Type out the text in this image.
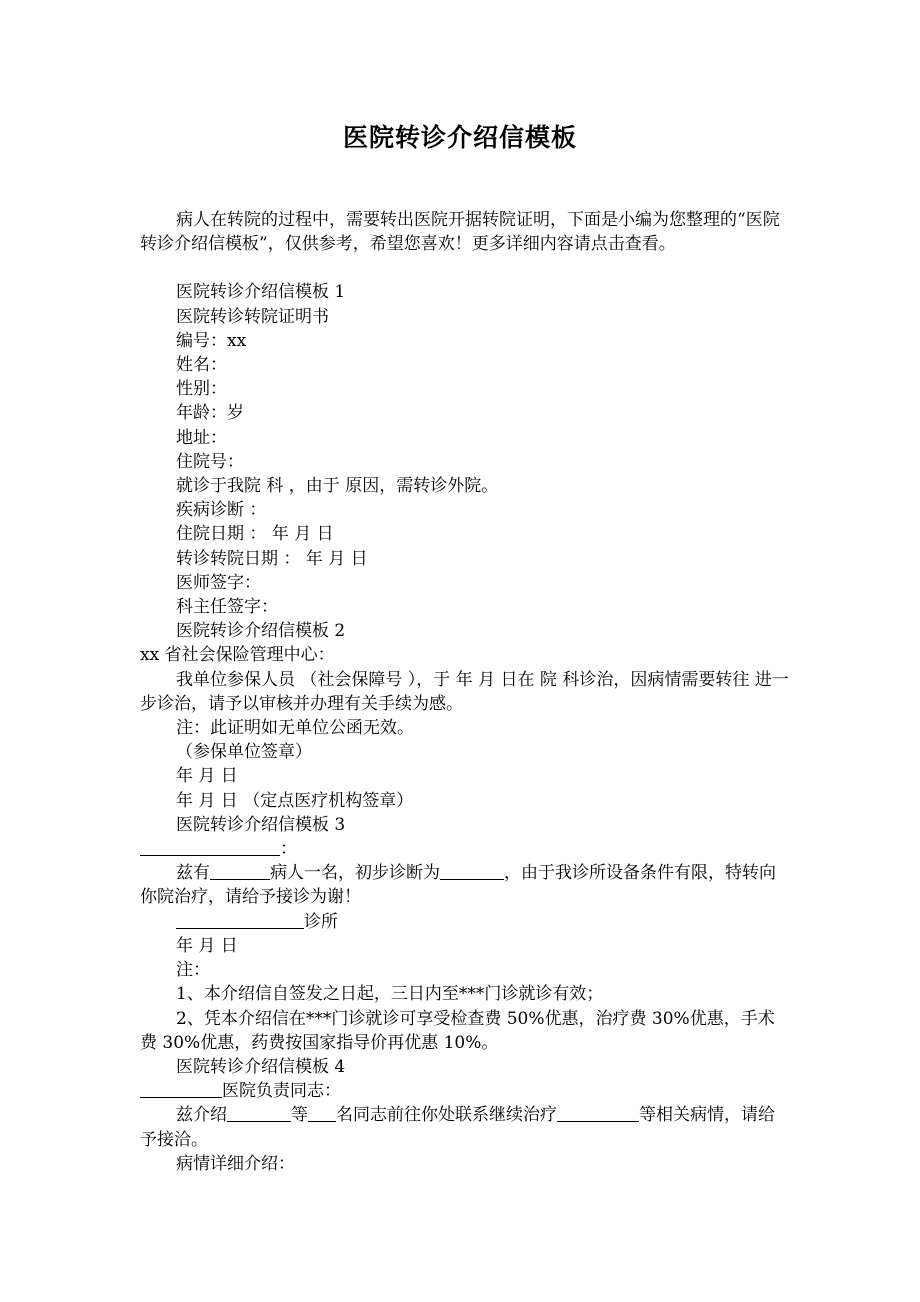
医院转诊介绍信模板

病人在转院的过程中，需要转出医院开据转院证明，下面是小编为您整理的“医院转诊介绍信模板”，仅供参考，希望您喜欢！更多详细内容请点击查看。

医院转诊介绍信模板 1

医院转诊转院证明书

编号：xx

姓名：

性别：

年龄：岁

地址：

住院号：

就诊于我院 科 ，由于 原因，需转诊外院。

疾病诊断 ：

住院日期 ： 年 月 日

转诊转院日期 ： 年 月 日

医师签字：

科主任签字：

医院转诊介绍信模板 2

xx 省社会保险管理中心：

我单位参保人员 （社会保障号 ），于 年 月 日在 院 科诊治，因病情需要转往 进一步诊治，请予以审核并办理有关手续为感。

注：此证明如无单位公函无效。

（参保单位签章）

年 月 日

年 月 日 （定点医疗机构签章）

医院转诊介绍信模板 3

：

兹有	病人一名，初步诊断为	，由于我诊所设备条件有限，特转向你院治疗，请给予接诊为谢！

诊所

年 月 日

注：

1、本介绍信自签发之日起，三日内至***门诊就诊有效；

2、凭本介绍信在***门诊就诊可享受检查费 50%优惠，治疗费 30%优惠，手术费 30%优惠，药费按国家指导价再优惠 10%。

医院转诊介绍信模板 4

医院负责同志：

兹介绍	等 名同志前往你处联系继续治疗	等相关病情，请给予接洽。

病情详细介绍：
